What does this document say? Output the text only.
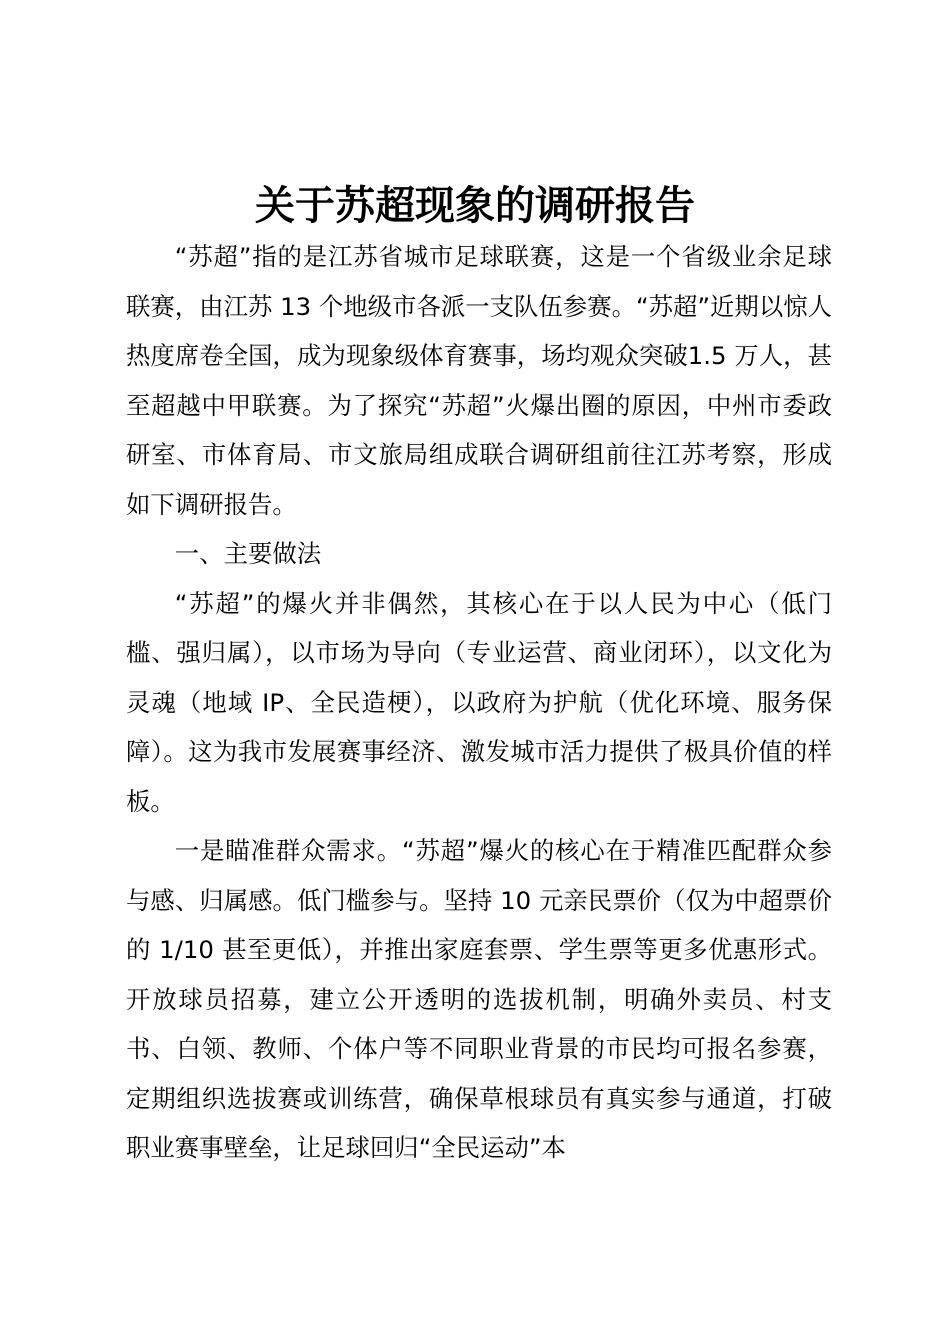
关于苏超现象的调研报告

“苏超”指的是江苏省城市足球联赛，这是一个省级业余足球联赛，由江苏 13 个地级市各派一支队伍参赛。“苏超”近期以惊人热度席卷全国，成为现象级体育赛事，场均观众突破1.5 万人，甚至超越中甲联赛。为了探究“苏超”火爆出圈的原因，中州市委政研室、市体育局、市文旅局组成联合调研组前往江苏考察，形成如下调研报告。

一、主要做法

“苏超”的爆火并非偶然，其核心在于以人民为中心（低门槛、强归属），以市场为导向（专业运营、商业闭环），以文化为灵魂（地域 IP、全民造梗），以政府为护航（优化环境、服务保障）。这为我市发展赛事经济、激发城市活力提供了极具价值的样板。

一是瞄准群众需求。“苏超”爆火的核心在于精准匹配群众参与感、归属感。低门槛参与。坚持 10 元亲民票价（仅为中超票价的 1/10 甚至更低），并推出家庭套票、学生票等更多优惠形式。开放球员招募，建立公开透明的选拔机制，明确外卖员、村支书、白领、教师、个体户等不同职业背景的市民均可报名参赛，定期组织选拔赛或训练营，确保草根球员有真实参与通道，打破职业赛事壁垒，让足球回归“全民运动”本
